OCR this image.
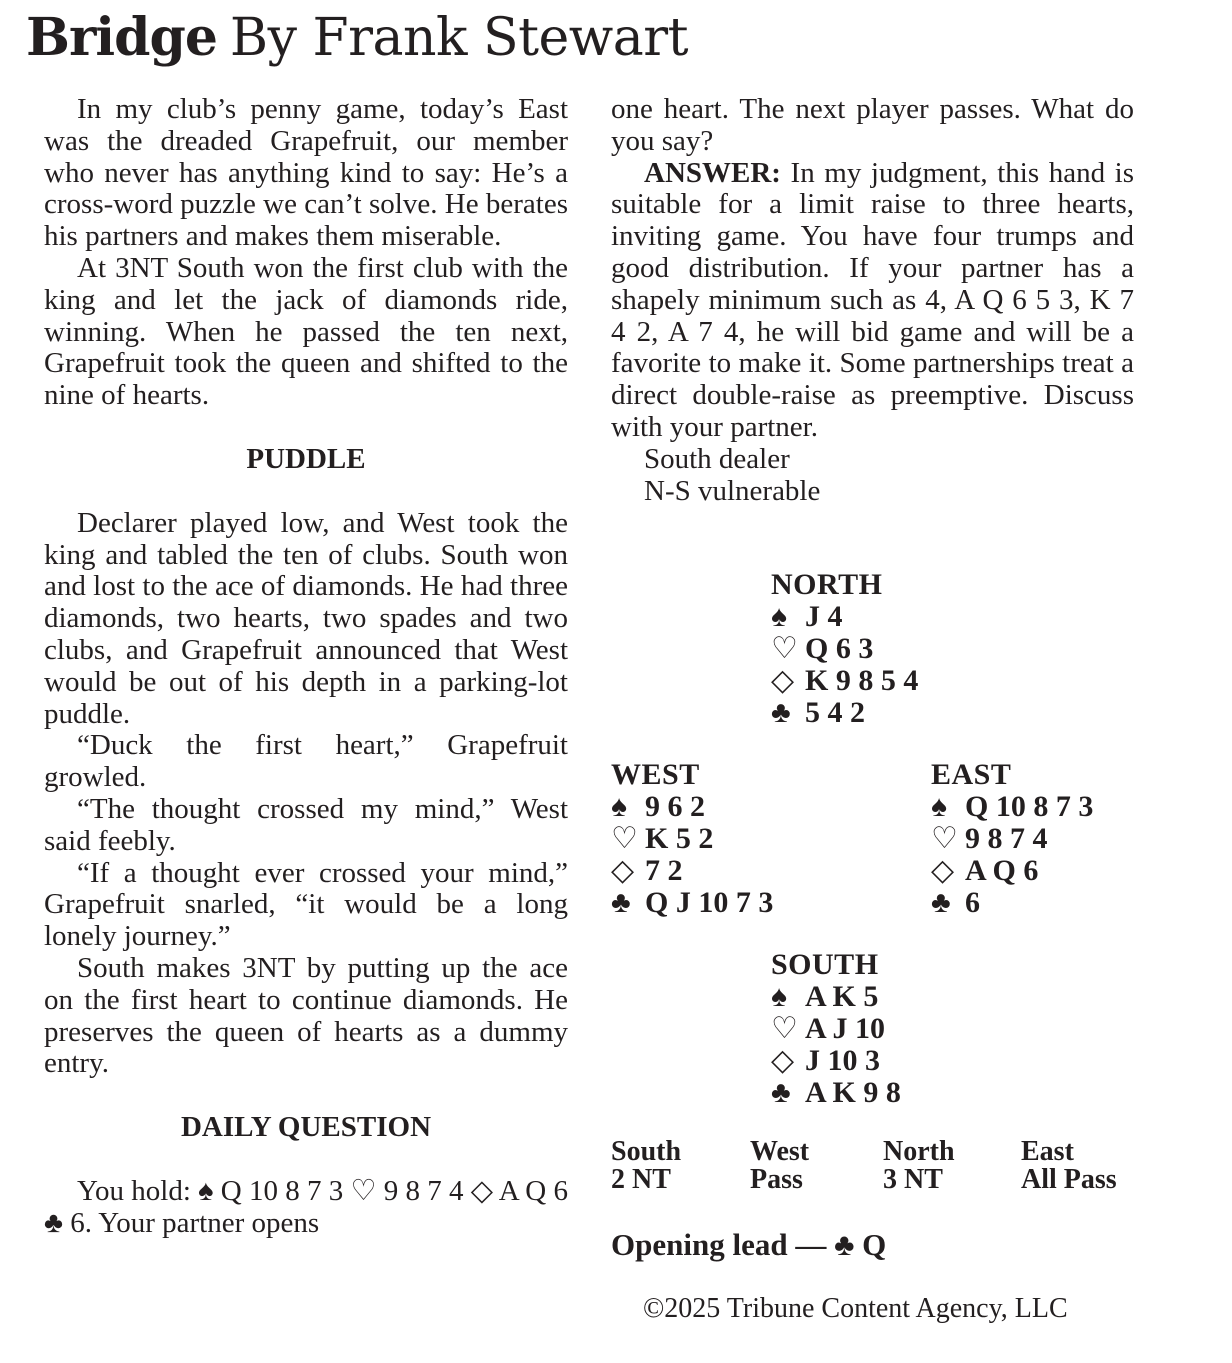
Bridge By Frank Stewart

In my club’s penny game, today’s East was the dreaded Grapefruit, our member who never has anything kind to say: He’s a cross-word puzzle we can’t solve. He berates his partners and makes them miserable.

At 3NT South won the first club with the king and let the jack of diamonds ride, winning. When he passed the ten next, Grapefruit took the queen and shifted to the nine of hearts.

PUDDLE

Declarer played low, and West took the king and tabled the ten of clubs. South won and lost to the ace of diamonds. He had three diamonds, two hearts, two spades and two clubs, and Grapefruit announced that West would be out of his depth in a parking-lot puddle.

“Duck the first heart,” Grapefruit growled.

“The thought crossed my mind,” West said feebly.

“If a thought ever crossed your mind,” Grapefruit snarled, “it would be a long lonely journey.”

South makes 3NT by putting up the ace on the first heart to continue diamonds. He preserves the queen of hearts as a dummy entry.

DAILY QUESTION

You hold: ♠ Q 10 8 7 3 ♡ 9 8 7 4 ◇ A Q 6 ♣ 6. Your partner opens

one heart. The next player passes. What do you say?

ANSWER: In my judgment, this hand is suitable for a limit raise to three hearts, inviting game. You have four trumps and good distribution. If your partner has a shapely minimum such as 4, A Q 6 5 3, K 7 4 2, A 7 4, he will bid game and will be a favorite to make it. Some partnerships treat a direct double-raise as preemptive. Discuss with your partner.

South dealer
N-S vulnerable
NORTH
♠ J 4
♡ Q 6 3
◇ K 9 8 5 4
♣ 5 4 2
WEST
♠ 9 6 2
♡ K 5 2
◇ 7 2
♣ Q J 10 7 3
EAST
♠ Q 10 8 7 3
♡ 9 8 7 4
◇ A Q 6
♣ 6
SOUTH
♠ A K 5
♡ A J 10
◇ J 10 3
♣ A K 9 8
South
2 NT
West
Pass
North
3 NT
East
All Pass
Opening lead — ♣ Q
©2025 Tribune Content Agency, LLC
